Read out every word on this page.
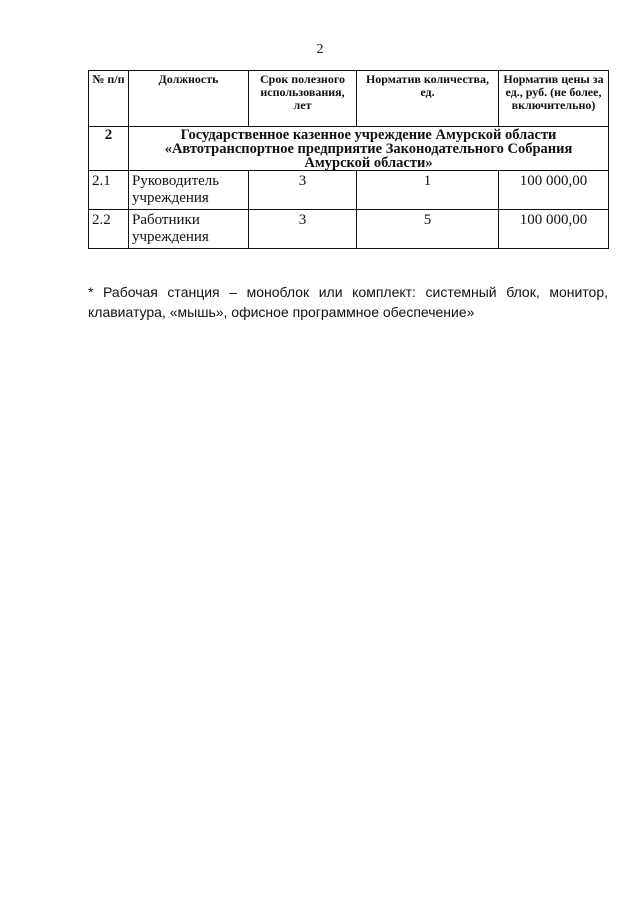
2
№ п/п	Должность	Срок полезного использования, лет	Норматив количества, ед.	Норматив цены за ед., руб. (не более, включительно)
2	Государственное казенное учреждение Амурской области «Автотранспортное предприятие Законодательного Собрания Амурской области»			
2.1	Руководитель учреждения	3	1	100 000,00
2.2	Работники учреждения	3	5	100 000,00
* Рабочая станция – моноблок или комплект: системный блок, монитор, клавиатура, «мышь», офисное программное обеспечение»
